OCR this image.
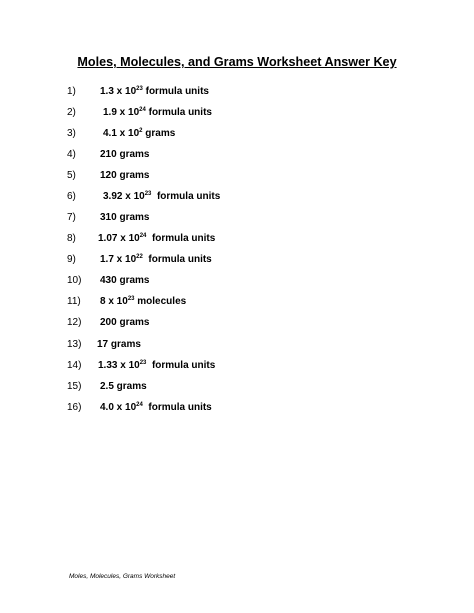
Moles, Molecules, and Grams Worksheet Answer Key
1) 1.3 x $10^{23}$ formula units
2)	1.9 x $10^{24}$ formula units
3)	4.1 x $10^2$ grams
4) 210 grams
5) 120 grams
6)	3.92 x $10^{23}$  formula units
7) 310 grams
8) 1.07 x $10^{24}$  formula units
9) 1.7 x $10^{22}$  formula units
10) 430 grams
11) 8 x $10^{23}$ molecules
12) 200 grams
13) 17 grams
14) 1.33 x $10^{23}$  formula units
15) 2.5 grams
16) 4.0 x $10^{24}$  formula units
Moles, Molecules, Grams Worksheet
